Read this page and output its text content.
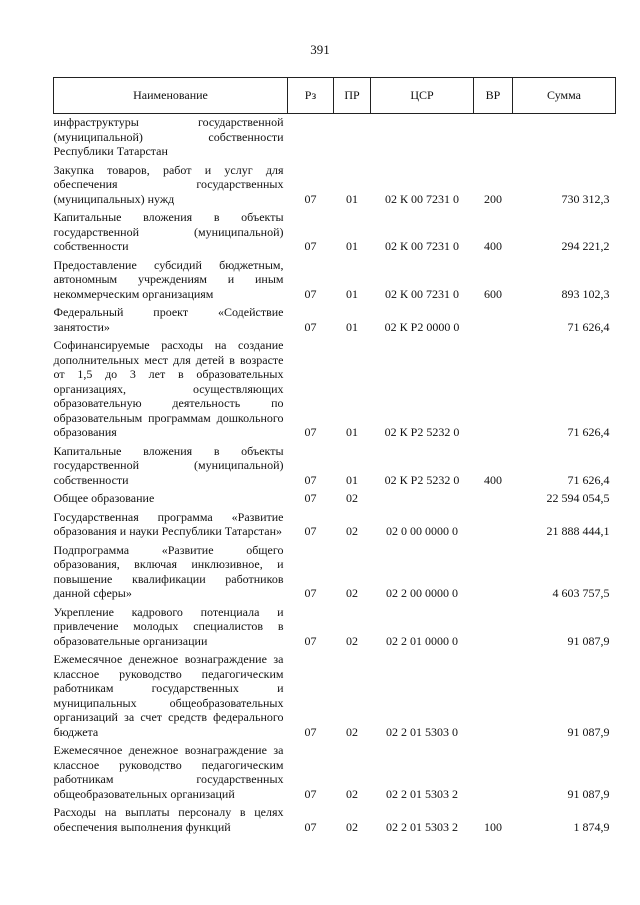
391
Наименование	Рз	ПР	ЦСР	ВР	Сумма
инфраструктуры государственной (муниципальной) собственности Республики Татарстан					
Закупка товаров, работ и услуг для обеспечения государственных (муниципальных) нужд	07	01	02 К 00 7231 0	200	730 312,3
Капитальные вложения в объекты государственной (муниципальной) собственности	07	01	02 К 00 7231 0	400	294 221,2
Предоставление субсидий бюджетным, автономным учреждениям и иным некоммерческим организациям	07	01	02 К 00 7231 0	600	893 102,3
Федеральный проект «Содействие занятости»	07	01	02 К Р2 0000 0		71 626,4
Софинансируемые расходы на создание дополнительных мест для детей в возрасте от 1,5 до 3 лет в образовательных организациях, осуществляющих образовательную деятельность по образовательным программам дошкольного образования	07	01	02 К Р2 5232 0		71 626,4
Капитальные вложения в объекты государственной (муниципальной) собственности	07	01	02 К Р2 5232 0	400	71 626,4
Общее образование	07	02			22 594 054,5
Государственная программа «Развитие образования и науки Республики Татарстан»	07	02	02 0 00 0000 0		21 888 444,1
Подпрограмма «Развитие общего образования, включая инклюзивное, и повышение квалификации работников данной сферы»	07	02	02 2 00 0000 0		4 603 757,5
Укрепление кадрового потенциала и привлечение молодых специалистов в образовательные организации	07	02	02 2 01 0000 0		91 087,9
Ежемесячное денежное вознаграждение за классное руководство педагогическим работникам государственных и муниципальных общеобразовательных организаций за счет средств федерального бюджета	07	02	02 2 01 5303 0		91 087,9
Ежемесячное денежное вознаграждение за классное руководство педагогическим работникам государственных общеобразовательных организаций	07	02	02 2 01 5303 2		91 087,9
Расходы на выплаты персоналу в целях обеспечения выполнения функций	07	02	02 2 01 5303 2	100	1 874,9
